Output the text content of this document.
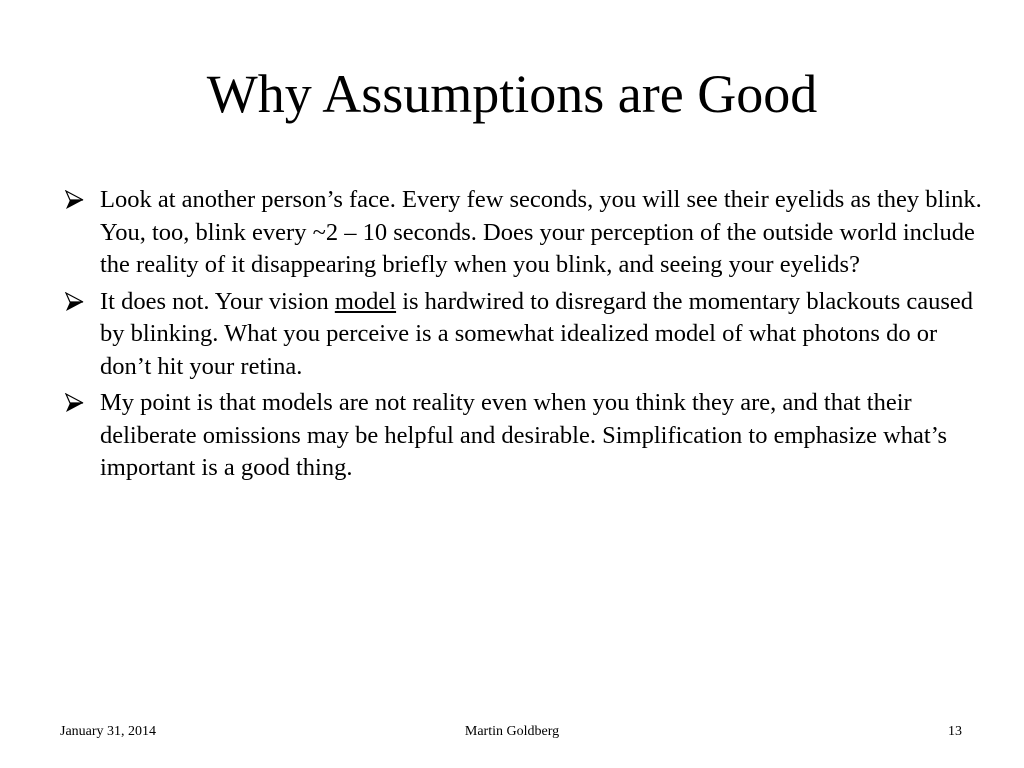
Why Assumptions are Good
Look at another person’s face. Every few seconds, you will see their eyelids as they blink. You, too, blink every ~2 – 10 seconds. Does your perception of the outside world include the reality of it disappearing briefly when you blink, and seeing your eyelids?
It does not. Your vision model is hardwired to disregard the momentary blackouts caused by blinking. What you perceive is a somewhat idealized model of what photons do or don’t hit your retina.
My point is that models are not reality even when you think they are, and that their deliberate omissions may be helpful and desirable. Simplification to emphasize what’s important is a good thing.
January 31, 2014	Martin Goldberg	13
